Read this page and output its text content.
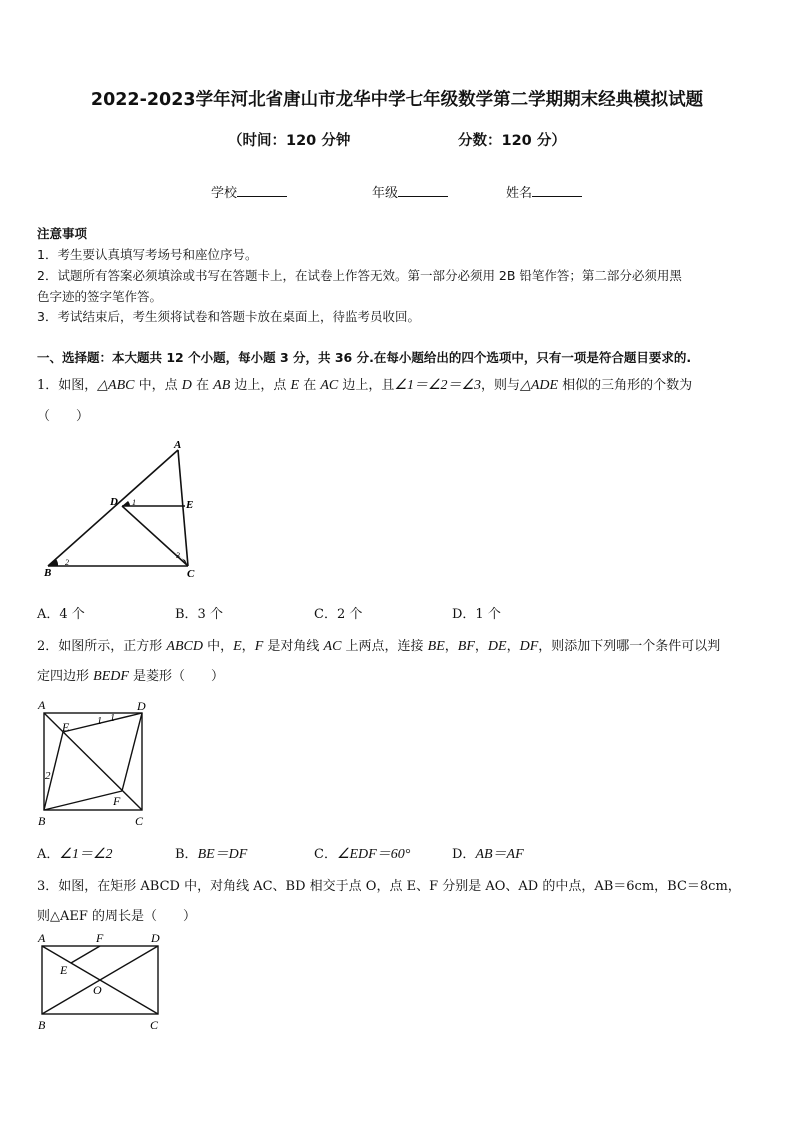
2022-2023学年河北省唐山市龙华中学七年级数学第二学期期末经典模拟试题
（时间：120 分钟	分数：120 分）
学校	年级	姓名
注意事项
1．考生要认真填写考场号和座位序号。
2．试题所有答案必须填涂或书写在答题卡上，在试卷上作答无效。第一部分必须用 2B 铅笔作答；第二部分必须用黑
色字迹的签字笔作答。
3．考试结束后，考生须将试卷和答题卡放在桌面上，待监考员收回。
一、选择题：本大题共 12 个小题，每小题 3 分，共 36 分.在每小题给出的四个选项中，只有一项是符合题目要求的.
1．如图，△ABC 中，点 D 在 AB 边上，点 E 在 AC 边上，且∠1＝∠2＝∠3，则与△ADE 相似的三角形的个数为
（　　）
A
D 1	E
B
2
3
C
A．4 个	B．3 个	C．2 个	D．1 个
2．如图所示，正方形 ABCD 中，E，F 是对角线 AC 上两点，连接 BE，BF，DE，DF，则添加下列哪一个条件可以判
定四边形 BEDF 是菱形（　　）
A	D
E	1 1
2
F
B	C
A．∠1＝∠2	B．BE＝DF	C．∠EDF＝60°	D．AB＝AF
3．如图，在矩形 ABCD 中，对角线 AC、BD 相交于点 O，点 E、F 分别是 AO、AD 的中点，AB＝6cm，BC＝8cm，
则△AEF 的周长是（　　）
A	F	D
E
O
B	C
